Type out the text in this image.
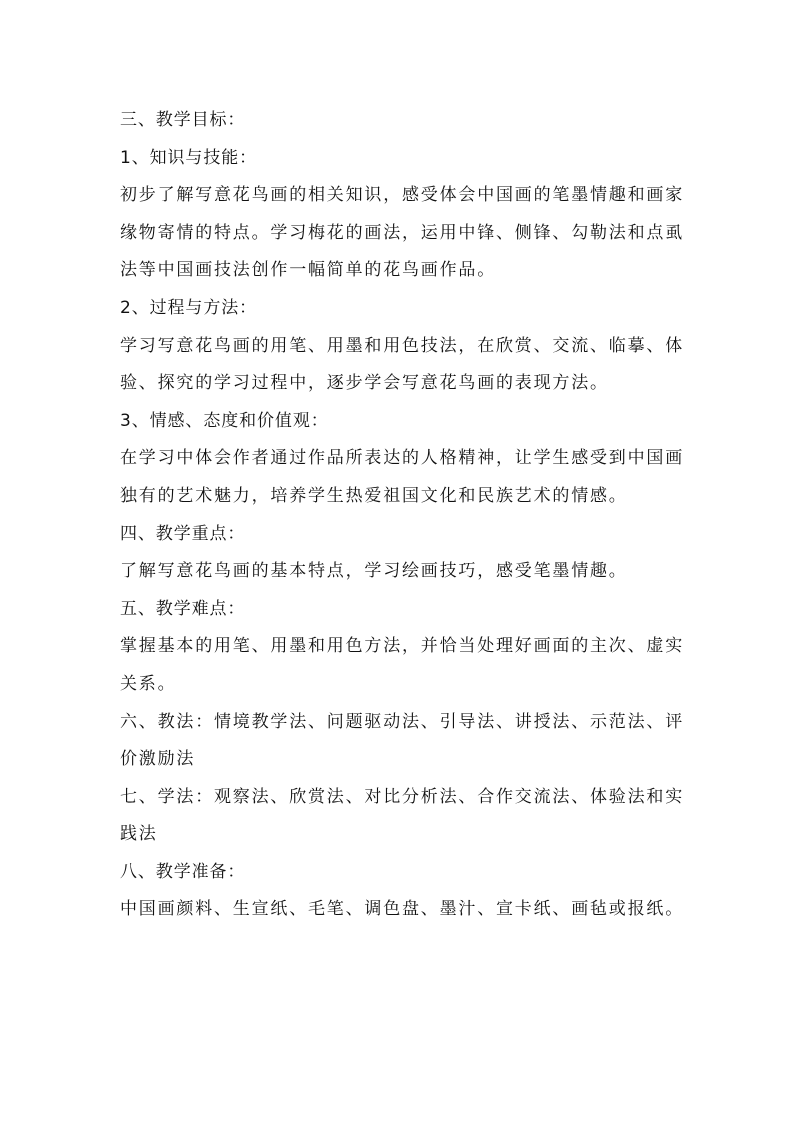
三、教学目标：
1、知识与技能：
初步了解写意花鸟画的相关知识，感受体会中国画的笔墨情趣和画家
缘物寄情的特点。学习梅花的画法，运用中锋、侧锋、勾勒法和点虱
法等中国画技法创作一幅简单的花鸟画作品。
2、过程与方法：
学习写意花鸟画的用笔、用墨和用色技法，在欣赏、交流、临摹、体
验、探究的学习过程中，逐步学会写意花鸟画的表现方法。
3、情感、态度和价值观：
在学习中体会作者通过作品所表达的人格精神，让学生感受到中国画
独有的艺术魅力，培养学生热爱祖国文化和民族艺术的情感。
四、教学重点：
了解写意花鸟画的基本特点，学习绘画技巧，感受笔墨情趣。
五、教学难点：
掌握基本的用笔、用墨和用色方法，并恰当处理好画面的主次、虚实
关系。
六、教法：情境教学法、问题驱动法、引导法、讲授法、示范法、评
价激励法
七、学法：观察法、欣赏法、对比分析法、合作交流法、体验法和实
践法
八、教学准备：
中国画颜料、生宣纸、毛笔、调色盘、墨汁、宣卡纸、画毡或报纸。
